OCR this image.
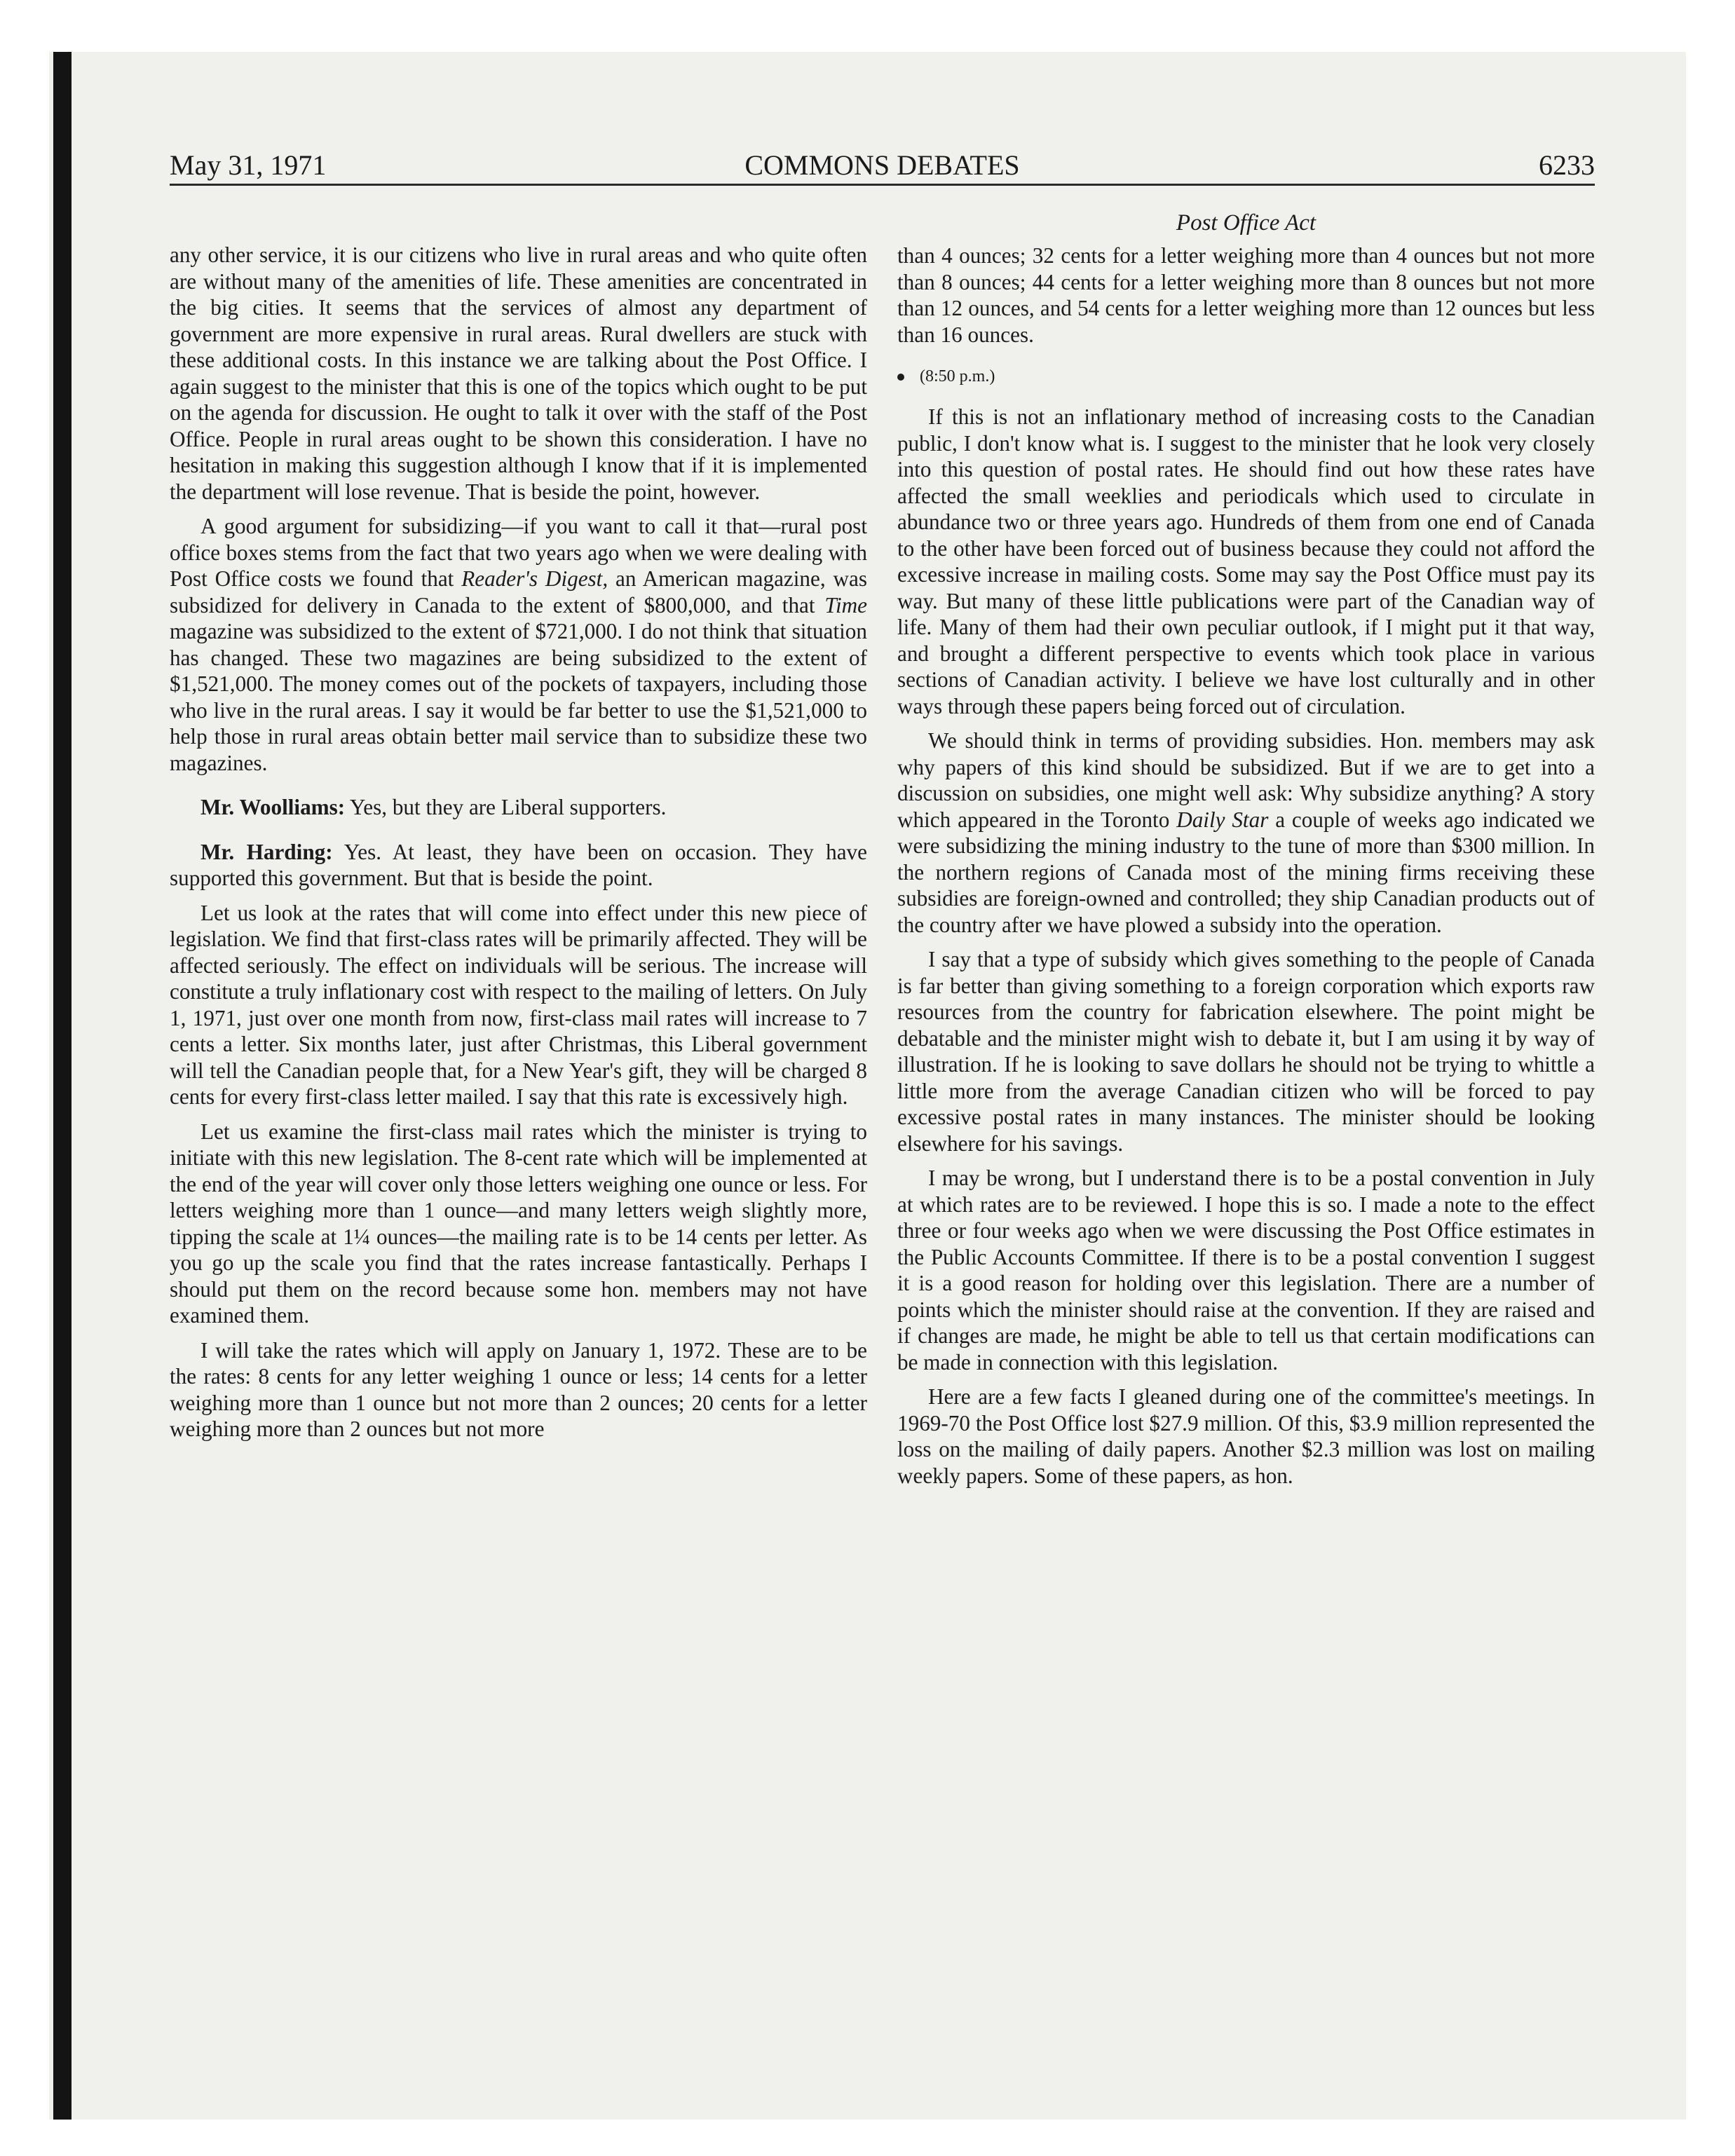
May 31, 1971	COMMONS DEBATES	6233

any other service, it is our citizens who live in rural areas and who quite often are without many of the amenities of life. These amenities are concentrated in the big cities. It seems that the services of almost any department of government are more expensive in rural areas. Rural dwellers are stuck with these additional costs. In this instance we are talking about the Post Office. I again suggest to the minister that this is one of the topics which ought to be put on the agenda for discussion. He ought to talk it over with the staff of the Post Office. People in rural areas ought to be shown this consideration. I have no hesitation in making this suggestion although I know that if it is implemented the department will lose revenue. That is beside the point, however.

A good argument for subsidizing—if you want to call it that—rural post office boxes stems from the fact that two years ago when we were dealing with Post Office costs we found that Reader's Digest, an American magazine, was subsidized for delivery in Canada to the extent of $800,000, and that Time magazine was subsidized to the extent of $721,000. I do not think that situation has changed. These two magazines are being subsidized to the extent of $1,521,000. The money comes out of the pockets of taxpayers, including those who live in the rural areas. I say it would be far better to use the $1,521,000 to help those in rural areas obtain better mail service than to subsidize these two magazines.

Mr. Woolliams: Yes, but they are Liberal supporters.

Mr. Harding: Yes. At least, they have been on occasion. They have supported this government. But that is beside the point.

Let us look at the rates that will come into effect under this new piece of legislation. We find that first-class rates will be primarily affected. They will be affected seriously. The effect on individuals will be serious. The increase will constitute a truly inflationary cost with respect to the mailing of letters. On July 1, 1971, just over one month from now, first-class mail rates will increase to 7 cents a letter. Six months later, just after Christmas, this Liberal government will tell the Canadian people that, for a New Year's gift, they will be charged 8 cents for every first-class letter mailed. I say that this rate is excessively high.

Let us examine the first-class mail rates which the minister is trying to initiate with this new legislation. The 8-cent rate which will be implemented at the end of the year will cover only those letters weighing one ounce or less. For letters weighing more than 1 ounce—and many letters weigh slightly more, tipping the scale at 1¼ ounces—the mailing rate is to be 14 cents per letter. As you go up the scale you find that the rates increase fantastically. Perhaps I should put them on the record because some hon. members may not have examined them.

I will take the rates which will apply on January 1, 1972. These are to be the rates: 8 cents for any letter weighing 1 ounce or less; 14 cents for a letter weighing more than 1 ounce but not more than 2 ounces; 20 cents for a letter weighing more than 2 ounces but not more

Post Office Act

than 4 ounces; 32 cents for a letter weighing more than 4 ounces but not more than 8 ounces; 44 cents for a letter weighing more than 8 ounces but not more than 12 ounces, and 54 cents for a letter weighing more than 12 ounces but less than 16 ounces.

(8:50 p.m.)

If this is not an inflationary method of increasing costs to the Canadian public, I don't know what is. I suggest to the minister that he look very closely into this question of postal rates. He should find out how these rates have affected the small weeklies and periodicals which used to circulate in abundance two or three years ago. Hundreds of them from one end of Canada to the other have been forced out of business because they could not afford the excessive increase in mailing costs. Some may say the Post Office must pay its way. But many of these little publications were part of the Canadian way of life. Many of them had their own peculiar outlook, if I might put it that way, and brought a different perspective to events which took place in various sections of Canadian activity. I believe we have lost culturally and in other ways through these papers being forced out of circulation.

We should think in terms of providing subsidies. Hon. members may ask why papers of this kind should be subsidized. But if we are to get into a discussion on subsidies, one might well ask: Why subsidize anything? A story which appeared in the Toronto Daily Star a couple of weeks ago indicated we were subsidizing the mining industry to the tune of more than $300 million. In the northern regions of Canada most of the mining firms receiving these subsidies are foreign-owned and controlled; they ship Canadian products out of the country after we have plowed a subsidy into the operation.

I say that a type of subsidy which gives something to the people of Canada is far better than giving something to a foreign corporation which exports raw resources from the country for fabrication elsewhere. The point might be debatable and the minister might wish to debate it, but I am using it by way of illustration. If he is looking to save dollars he should not be trying to whittle a little more from the average Canadian citizen who will be forced to pay excessive postal rates in many instances. The minister should be looking elsewhere for his savings.

I may be wrong, but I understand there is to be a postal convention in July at which rates are to be reviewed. I hope this is so. I made a note to the effect three or four weeks ago when we were discussing the Post Office estimates in the Public Accounts Committee. If there is to be a postal convention I suggest it is a good reason for holding over this legislation. There are a number of points which the minister should raise at the convention. If they are raised and if changes are made, he might be able to tell us that certain modifications can be made in connection with this legislation.

Here are a few facts I gleaned during one of the committee's meetings. In 1969-70 the Post Office lost $27.9 million. Of this, $3.9 million represented the loss on the mailing of daily papers. Another $2.3 million was lost on mailing weekly papers. Some of these papers, as hon.
